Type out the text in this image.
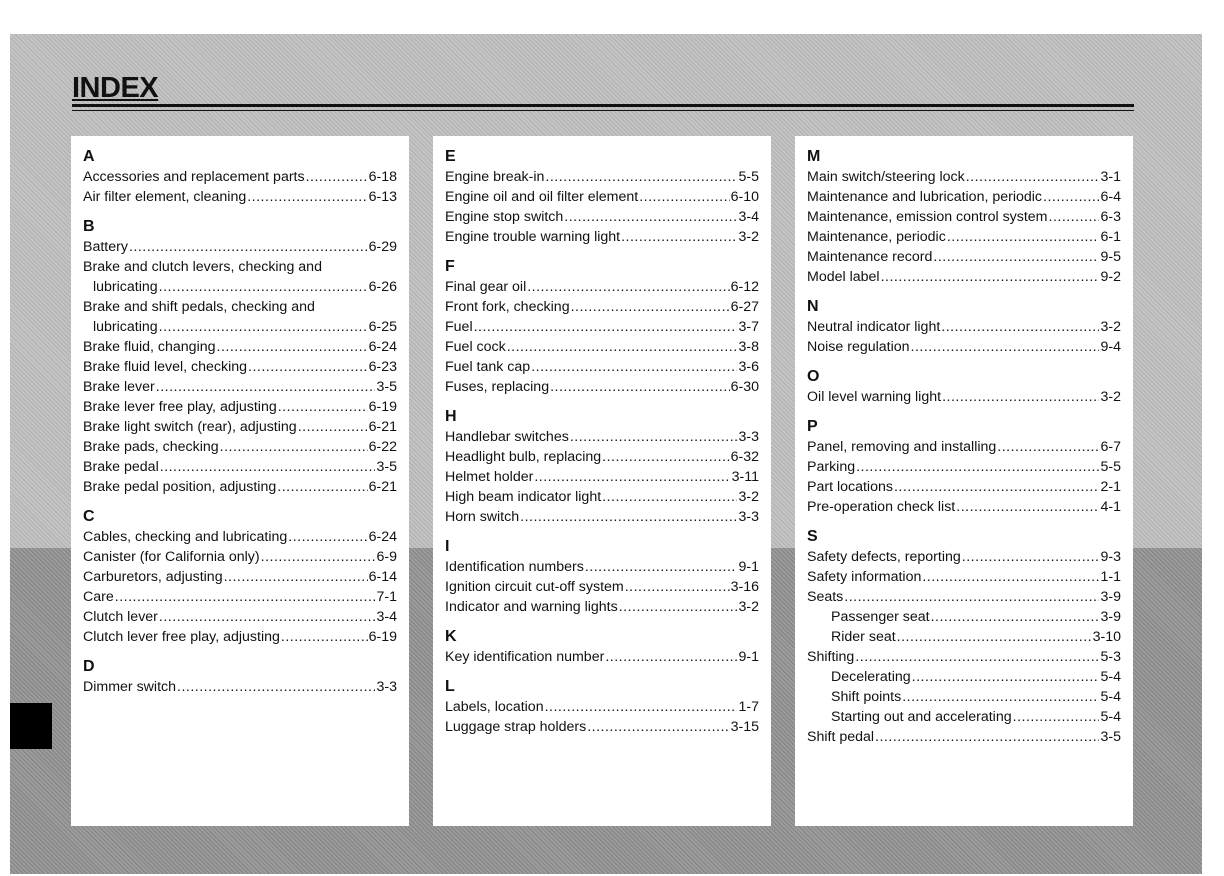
INDEX
A
Accessories and replacement parts .....	6-18
Air filter element, cleaning .....	6-13
B
Battery .....	6-29
Brake and clutch levers, checking and
lubricating .....	6-26
Brake and shift pedals, checking and
lubricating .....	6-25
Brake fluid, changing .....	6-24
Brake fluid level, checking .....	6-23
Brake lever .....	3-5
Brake lever free play, adjusting .....	6-19
Brake light switch (rear), adjusting .....	6-21
Brake pads, checking .....	6-22
Brake pedal .....	3-5
Brake pedal position, adjusting .....	6-21
C
Cables, checking and lubricating .....	6-24
Canister (for California only) .....	6-9
Carburetors, adjusting .....	6-14
Care .....	7-1
Clutch lever .....	3-4
Clutch lever free play, adjusting .....	6-19
D
Dimmer switch .....	3-3
E
Engine break-in .....	5-5
Engine oil and oil filter element .....	6-10
Engine stop switch .....	3-4
Engine trouble warning light .....	3-2
F
Final gear oil .....	6-12
Front fork, checking .....	6-27
Fuel .....	3-7
Fuel cock .....	3-8
Fuel tank cap .....	3-6
Fuses, replacing .....	6-30
H
Handlebar switches .....	3-3
Headlight bulb, replacing .....	6-32
Helmet holder .....	3-11
High beam indicator light .....	3-2
Horn switch .....	3-3
I
Identification numbers .....	9-1
Ignition circuit cut-off system .....	3-16
Indicator and warning lights .....	3-2
K
Key identification number .....	9-1
L
Labels, location .....	1-7
Luggage strap holders .....	3-15
M
Main switch/steering lock .....	3-1
Maintenance and lubrication, periodic .....	6-4
Maintenance, emission control system .....	6-3
Maintenance, periodic .....	6-1
Maintenance record .....	9-5
Model label .....	9-2
N
Neutral indicator light .....	3-2
Noise regulation .....	9-4
O
Oil level warning light .....	3-2
P
Panel, removing and installing .....	6-7
Parking .....	5-5
Part locations .....	2-1
Pre-operation check list .....	4-1
S
Safety defects, reporting .....	9-3
Safety information .....	1-1
Seats .....	3-9
Passenger seat .....	3-9
Rider seat .....	3-10
Shifting .....	5-3
Decelerating .....	5-4
Shift points .....	5-4
Starting out and accelerating .....	5-4
Shift pedal .....	3-5
